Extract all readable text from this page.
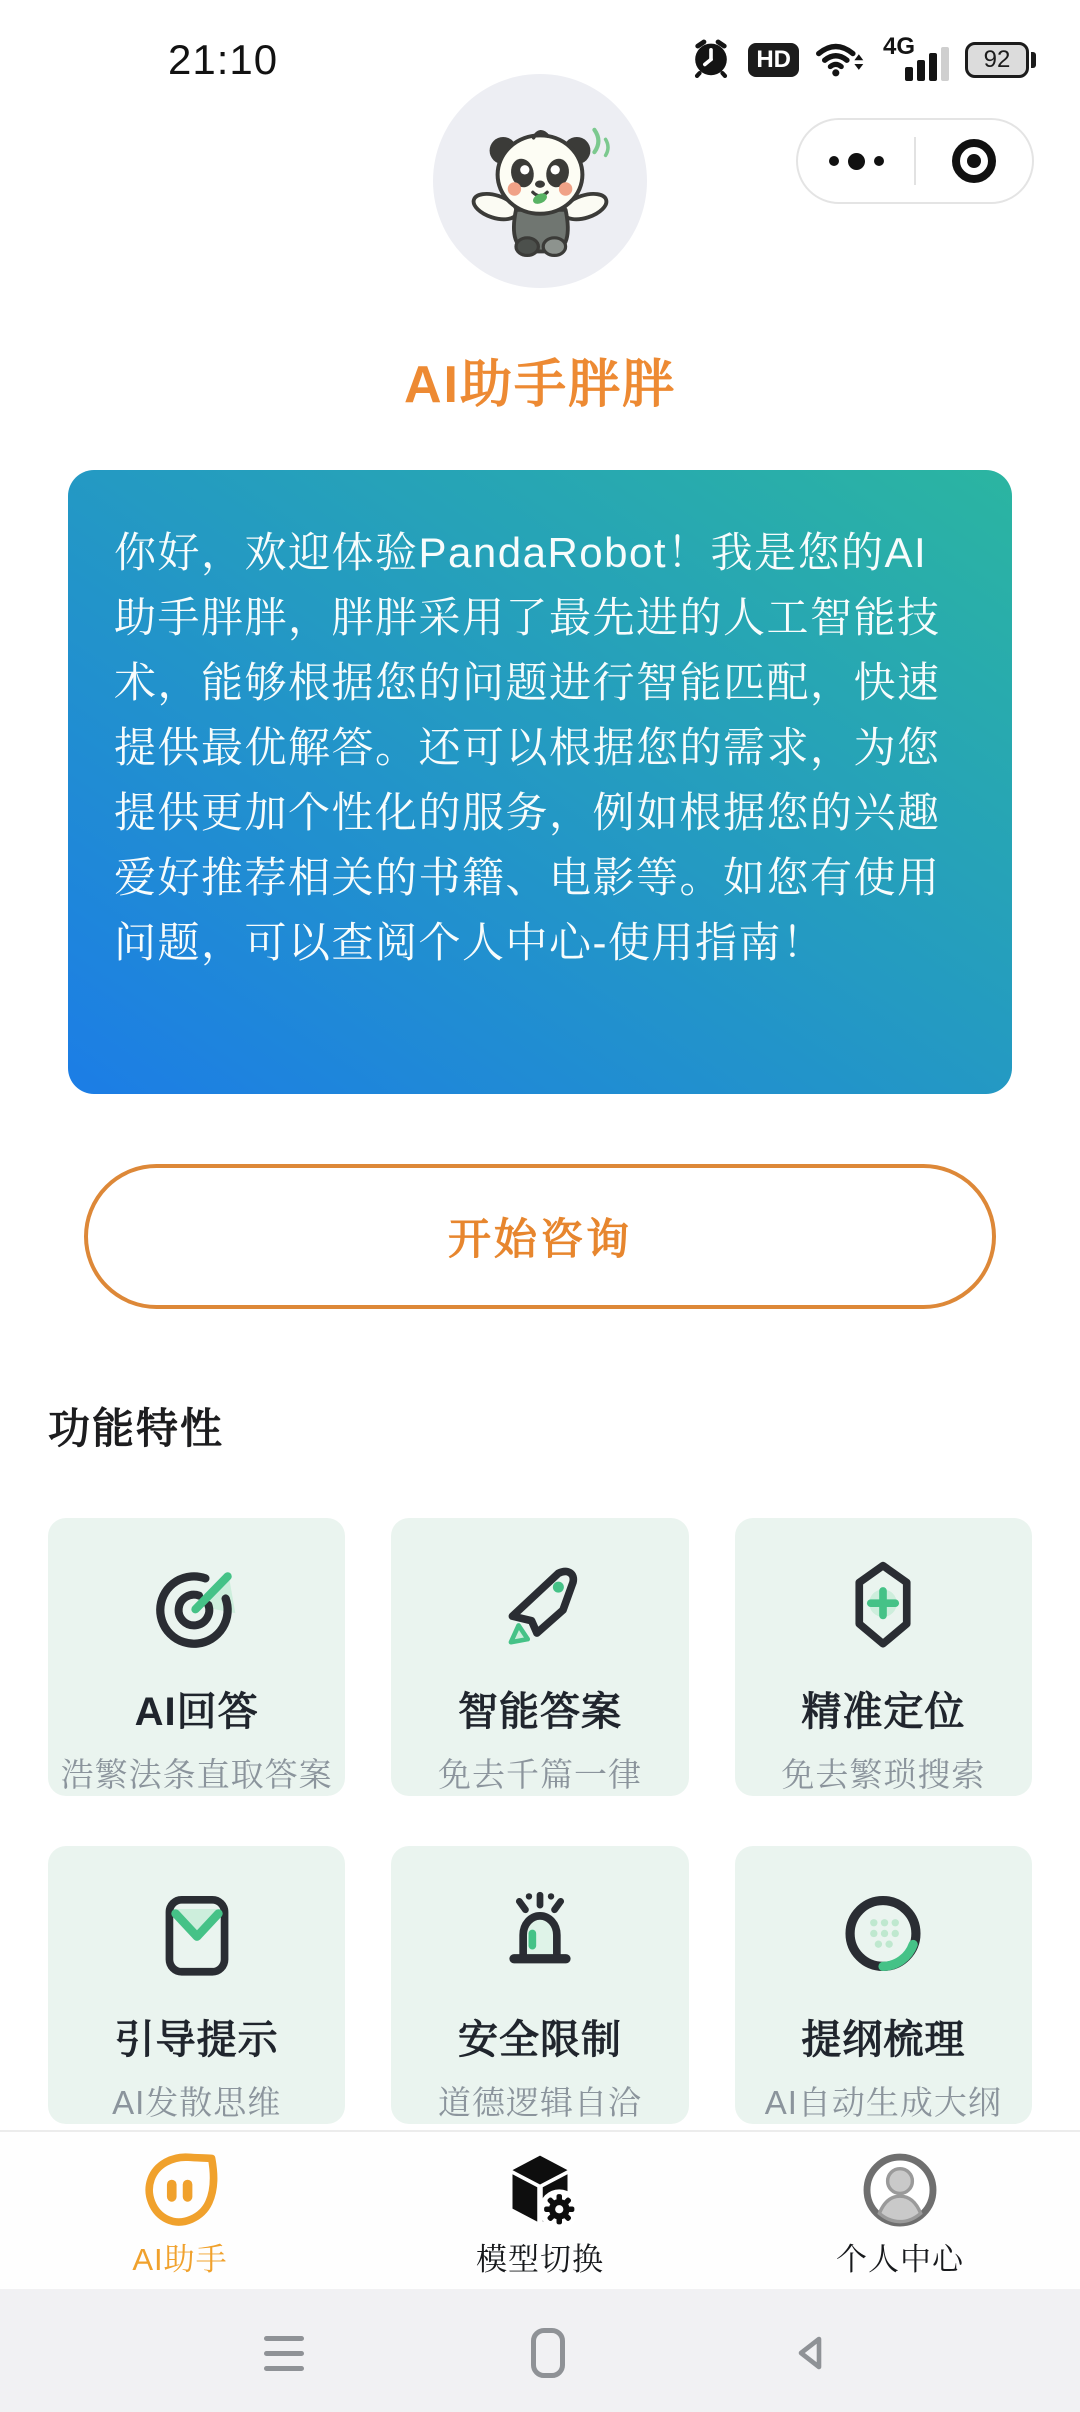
21:10	HD	4G	92
AI助手胖胖

你好，欢迎体验PandaRobot！我是您的AI助手胖胖，胖胖采用了最先进的人工智能技术，能够根据您的问题进行智能匹配，快速提供最优解答。还可以根据您的需求，为您提供更加个性化的服务，例如根据您的兴趣爱好推荐相关的书籍、电影等。如您有使用问题，可以查阅个人中心-使用指南！

开始咨询
功能特性
AI回答
浩繁法条直取答案
智能答案
免去千篇一律
精准定位
免去繁琐搜索
引导提示
AI发散思维
安全限制
道德逻辑自洽
提纲梳理
AI自动生成大纲
AI助手	模型切换	个人中心
